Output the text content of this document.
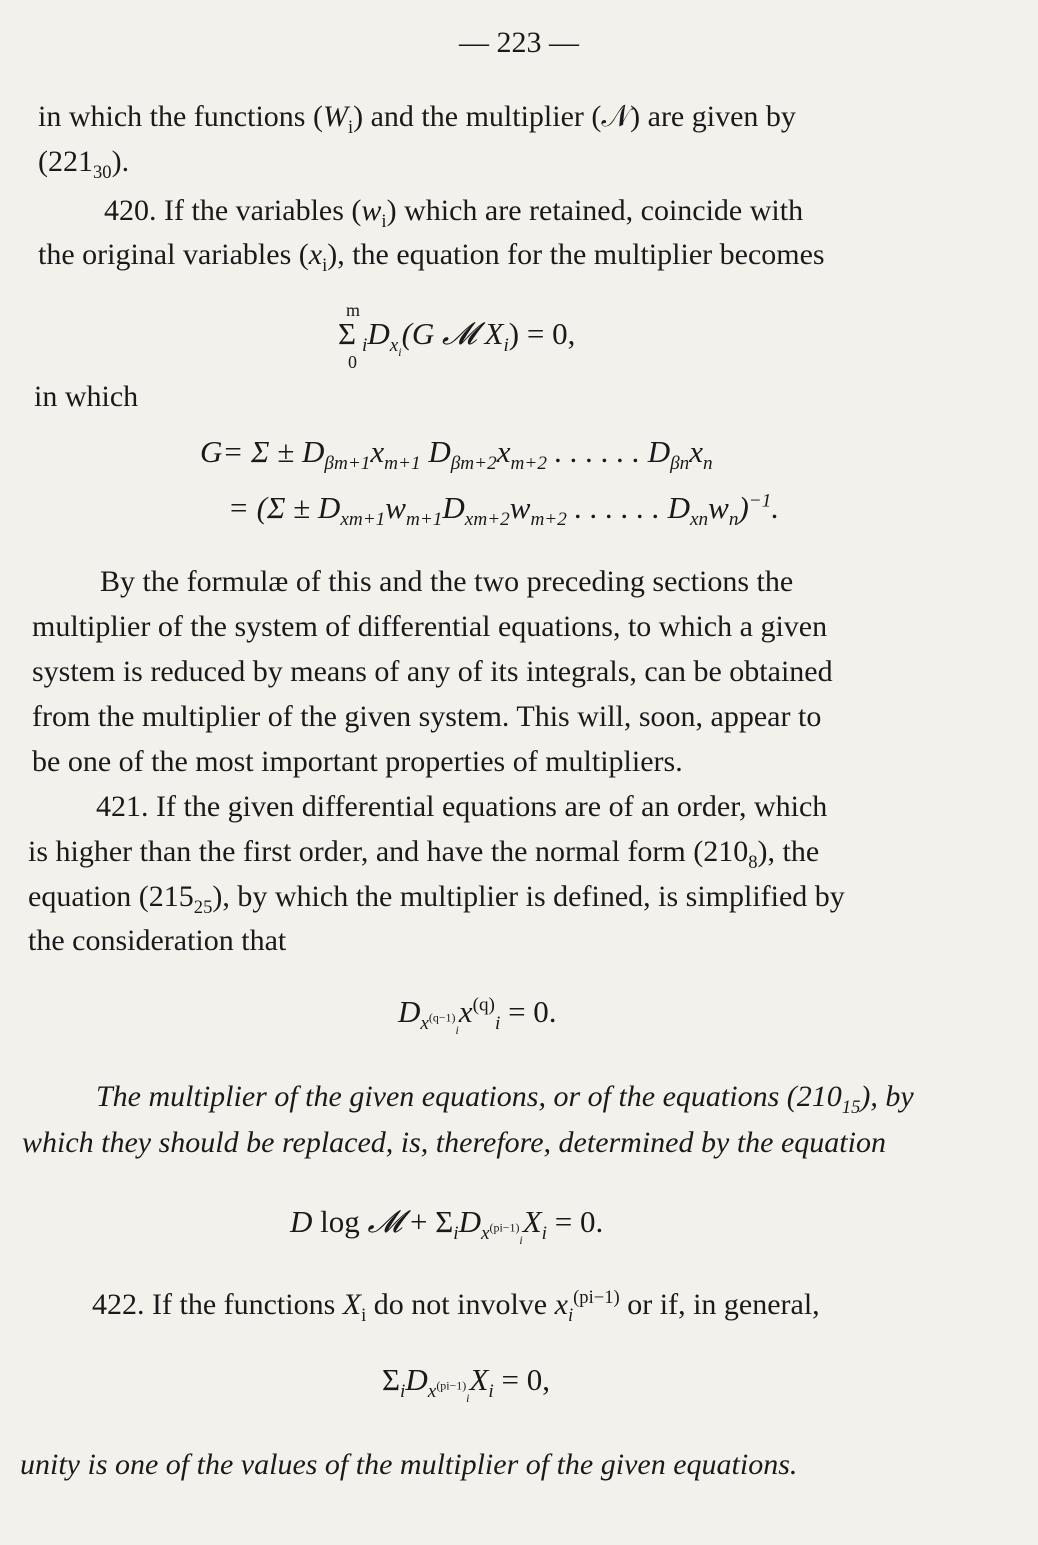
— 223 —
in which the functions $(W_i)$ and the multiplier (𝒩) are given by
$(221_{30})$.
420. If the variables $(w_i)$ which are retained, coincide with
the original variables $(x_i)$, the equation for the multiplier becomes
m
Σ
0
$_iD_{x_i}(G$ 𝓜 $X_i) = 0$,
in which
$G= \Sigma \pm D_{\beta m+1}x_{m+1}$ $D_{\beta m+2}x_{m+2}$ . . . . . . $D_{\beta n}x_n$
= ($\Sigma \pm D_{xm+1}w_{m+1}D_{xm+2}w_{m+2}$ . . . . . . $D_{xn}w_n)^{-1}$.
By the formulæ of this and the two preceding sections the
multiplier of the system of differential equations, to which a given
system is reduced by means of any of its integrals, can be obtained
from the multiplier of the given system. This will, soon, appear to
be one of the most important properties of multipliers.
421. If the given differential equations are of an order, which
is higher than the first order, and have the normal form $(210_8)$, the
equation $(215_{25})$, by which the multiplier is defined, is simplified by
the consideration that
$D_{x^{(q-1)}_i}x^{(q)}_i = 0$.
The multiplier of the given equations, or of the equations $(210_{15})$, by
which they should be replaced, is, therefore, determined by the equation
D log 𝓜 + $\Sigma_iD_{x^{(pi-1)}_i}X_i = 0$.
422. If the functions $X_i$ do not involve $x_i^{(pi-1)}$ or if, in general,
$\Sigma_iD_{x^{(pi-1)}_i}X_i = 0$,
unity is one of the values of the multiplier of the given equations.
